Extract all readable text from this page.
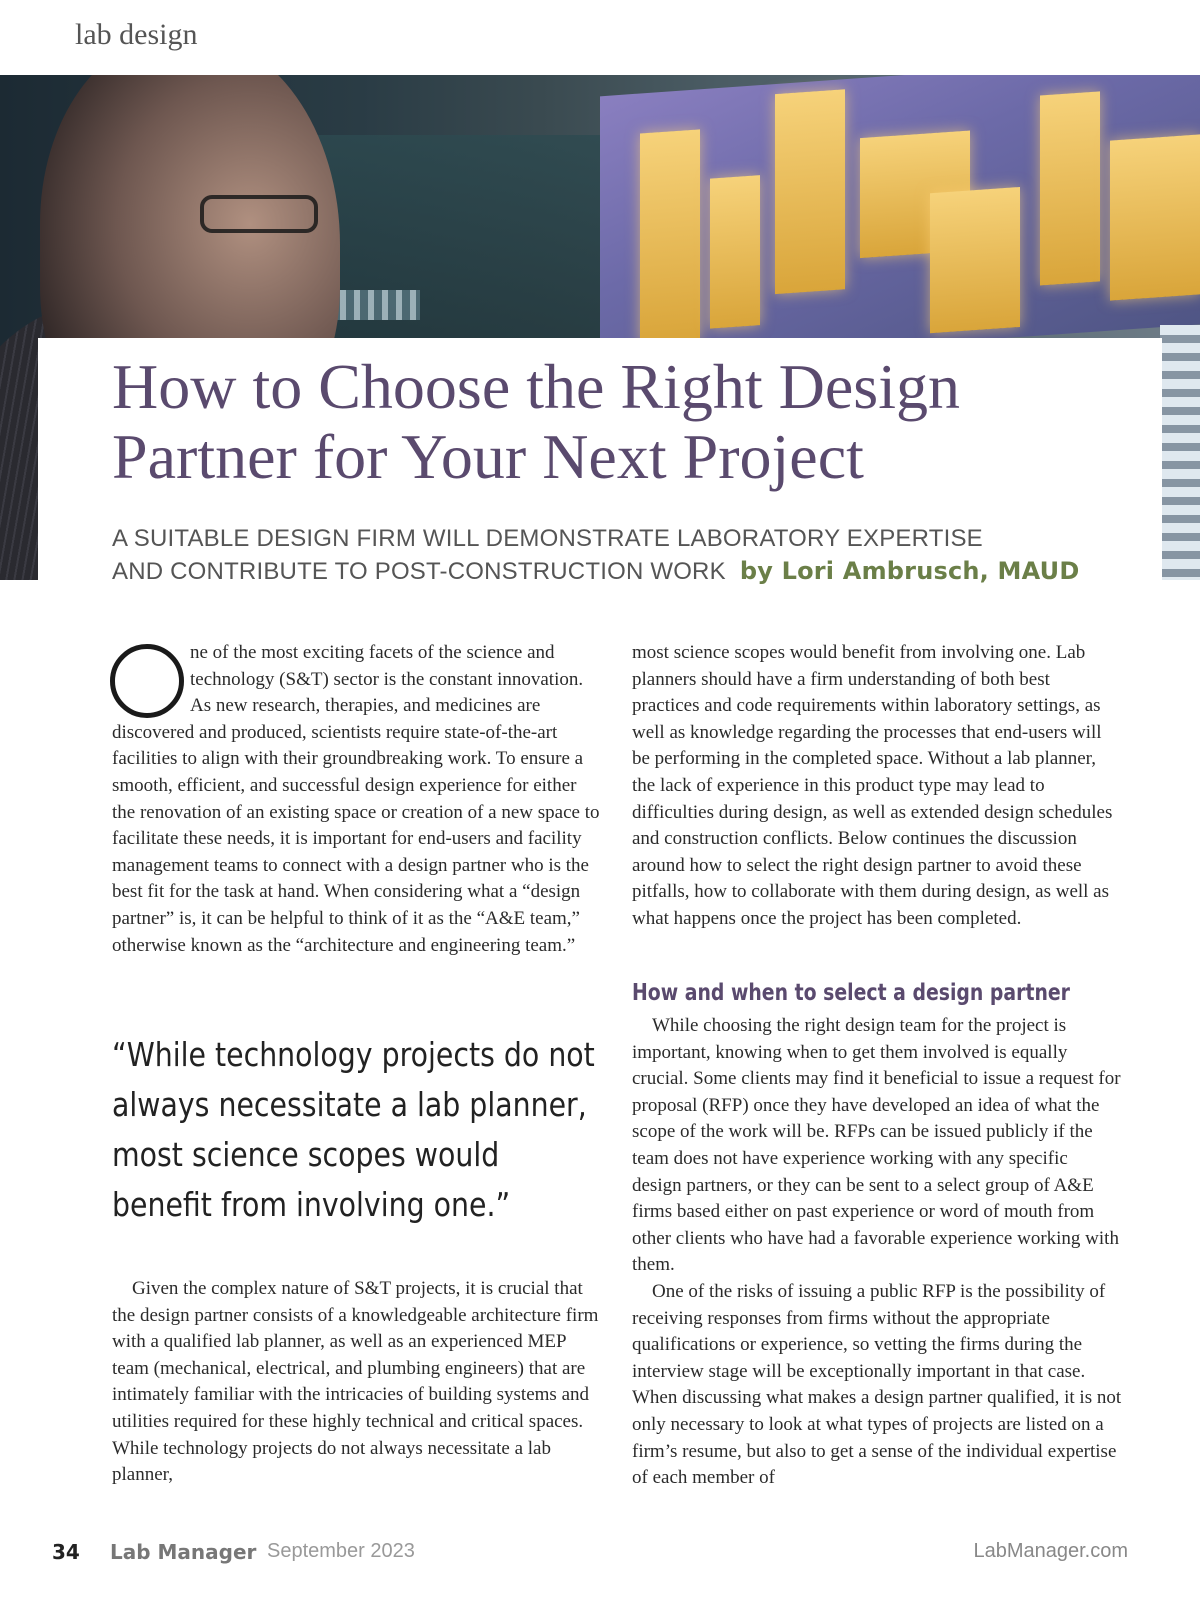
lab design
How to Choose the Right Design Partner for Your Next Project
A SUITABLE DESIGN FIRM WILL DEMONSTRATE LABORATORY EXPERTISE
AND CONTRIBUTE TO POST-CONSTRUCTION WORK by Lori Ambrusch, MAUD

ne of the most exciting facets of the science and technology (S&T) sector is the constant innovation. As new research, therapies, and medicines are discovered and produced, scientists require state-of-the-art facilities to align with their groundbreaking work. To ensure a smooth, efficient, and successful design experience for either the renovation of an existing space or creation of a new space to facilitate these needs, it is important for end-users and facility management teams to connect with a design partner who is the best fit for the task at hand. When considering what a “design partner” is, it can be helpful to think of it as the “A&E team,” otherwise known as the “architecture and engineering team.”

“While technology projects do not always necessitate a lab planner, most science scopes would benefit from involving one.”

Given the complex nature of S&T projects, it is crucial that the design partner consists of a knowledgeable architecture firm with a qualified lab planner, as well as an experienced MEP team (mechanical, electrical, and plumbing engineers) that are intimately familiar with the intricacies of building systems and utilities required for these highly technical and critical spaces. While technology projects do not always necessitate a lab planner,

most science scopes would benefit from involving one. Lab planners should have a firm understanding of both best practices and code requirements within laboratory settings, as well as knowledge regarding the processes that end-users will be performing in the completed space. Without a lab planner, the lack of experience in this product type may lead to difficulties during design, as well as extended design schedules and construction conflicts. Below continues the discussion around how to select the right design partner to avoid these pitfalls, how to collaborate with them during design, as well as what happens once the project has been completed.

How and when to select a design partner

While choosing the right design team for the project is important, knowing when to get them involved is equally crucial. Some clients may find it beneficial to issue a request for proposal (RFP) once they have developed an idea of what the scope of the work will be. RFPs can be issued publicly if the team does not have experience working with any specific design partners, or they can be sent to a select group of A&E firms based either on past experience or word of mouth from other clients who have had a favorable experience working with them.

One of the risks of issuing a public RFP is the possibility of receiving responses from firms without the appropriate qualifications or experience, so vetting the firms during the interview stage will be exceptionally important in that case. When discussing what makes a design partner qualified, it is not only necessary to look at what types of projects are listed on a firm’s resume, but also to get a sense of the individual expertise of each member of

34 Lab Manager September 2023	LabManager.com
